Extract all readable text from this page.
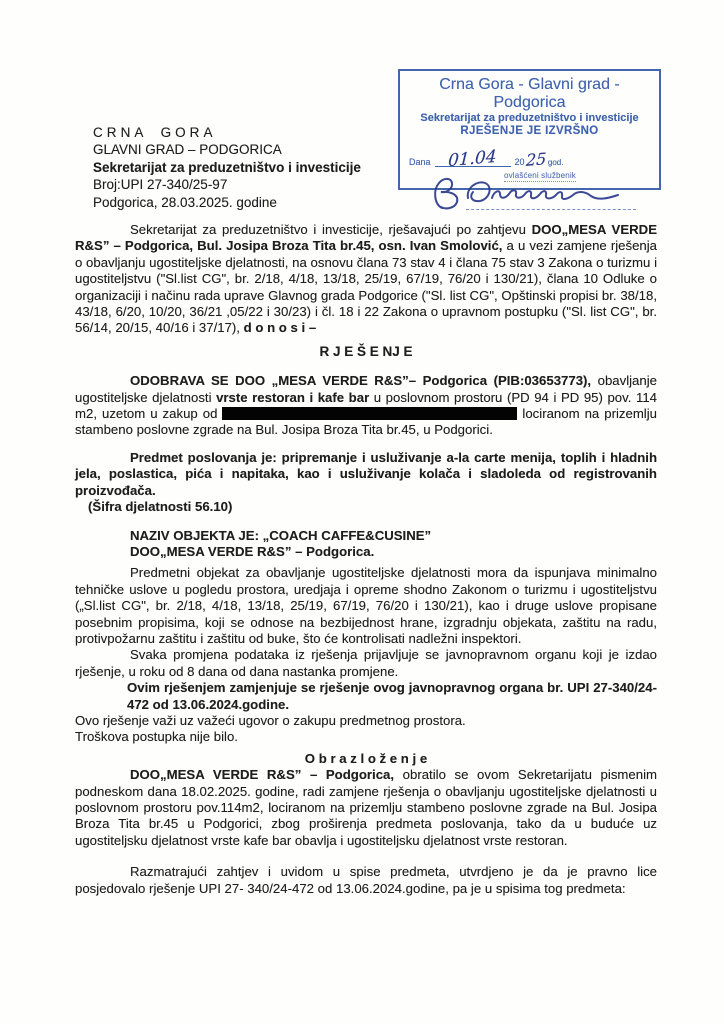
Crna Gora - Glavni grad - Podgorica
Sekretarijat za preduzetništvo i investicije
RJEŠENJE JE IZVRŠNO
Dana	01.04	20 25 god.
ovlašćeni službenik
CRNA GORA
GLAVNI GRAD – PODGORICA
Sekretarijat za preduzetništvo i investicije
Broj:UPI 27-340/25-97
Podgorica, 28.03.2025. godine

Sekretarijat za preduzetništvo i investicije, rješavajući po zahtjevu DOO„MESA VERDE R&S” – Podgorica, Bul. Josipa Broza Tita br.45, osn. Ivan Smolović, a u vezi zamjene rješenja o obavljanju ugostiteljske djelatnosti, na osnovu člana 73 stav 4 i člana 75 stav 3 Zakona o turizmu i ugostiteljstvu ("Sl.list CG", br. 2/18, 4/18, 13/18, 25/19, 67/19, 76/20 i 130/21), člana 10 Odluke o organizaciji i načinu rada uprave Glavnog grada Podgorice ("Sl. list CG", Opštinski propisi br. 38/18, 43/18, 6/20, 10/20, 36/21 ,05/22 i 30/23) i čl. 18 i 22 Zakona o upravnom postupku ("Sl. list CG", br. 56/14, 20/15, 40/16 i 37/17), d o n o s i –

R J E Š E NJ E

ODOBRAVA SE DOO „MESA VERDE R&S”– Podgorica (PIB:03653773), obavljanje ugostiteljske djelatnosti vrste restoran i kafe bar u poslovnom prostoru (PD 94 i PD 95) pov. 114 m2, uzetom u zakup od	lociranom na prizemlju stambeno poslovne zgrade na Bul. Josipa Broza Tita br.45, u Podgorici.

Predmet poslovanja je: pripremanje i usluživanje a-la carte menija, toplih i hladnih jela, poslastica, pića i napitaka, kao i usluživanje kolača i sladoleda od registrovanih proizvođača.

(Šifra djelatnosti 56.10)

NAZIV OBJEKTA JE: „COACH CAFFE&CUSINE”
DOO„MESA VERDE R&S” – Podgorica.

Predmetni objekat za obavljanje ugostiteljske djelatnosti mora da ispunjava minimalno tehničke uslove u pogledu prostora, uredjaja i opreme shodno Zakonom o turizmu i ugostiteljstvu („Sl.list CG", br. 2/18, 4/18, 13/18, 25/19, 67/19, 76/20 i 130/21), kao i druge uslove propisane posebnim propisima, koji se odnose na bezbijednost hrane, izgradnju objekata, zaštitu na radu, protivpožarnu zaštitu i zaštitu od buke, što će kontrolisati nadležni inspektori.

Svaka promjena podataka iz rješenja prijavljuje se javnopravnom organu koji je izdao rješenje, u roku od 8 dana od dana nastanka promjene.

Ovim rješenjem zamjenjuje se rješenje ovog javnopravnog organa br. UPI 27-340/24-472 od 13.06.2024.godine.

Ovo rješenje važi uz važeći ugovor o zakupu predmetnog prostora.

Troškova postupka nije bilo.

O b r a z l o ž e n j e

DOO„MESA VERDE R&S” – Podgorica, obratilo se ovom Sekretarijatu pismenim podneskom dana 18.02.2025. godine, radi zamjene rješenja o obavljanju ugostiteljske djelatnosti u poslovnom prostoru pov.114m2, lociranom na prizemlju stambeno poslovne zgrade na Bul. Josipa Broza Tita br.45 u Podgorici, zbog proširenja predmeta poslovanja, tako da u buduće uz ugostiteljsku djelatnost vrste kafe bar obavlja i ugostiteljsku djelatnost vrste restoran.

Razmatrajući zahtjev i uvidom u spise predmeta, utvrdjeno je da je pravno lice posjedovalo rješenje UPI 27- 340/24-472 od 13.06.2024.godine, pa je u spisima tog predmeta:
